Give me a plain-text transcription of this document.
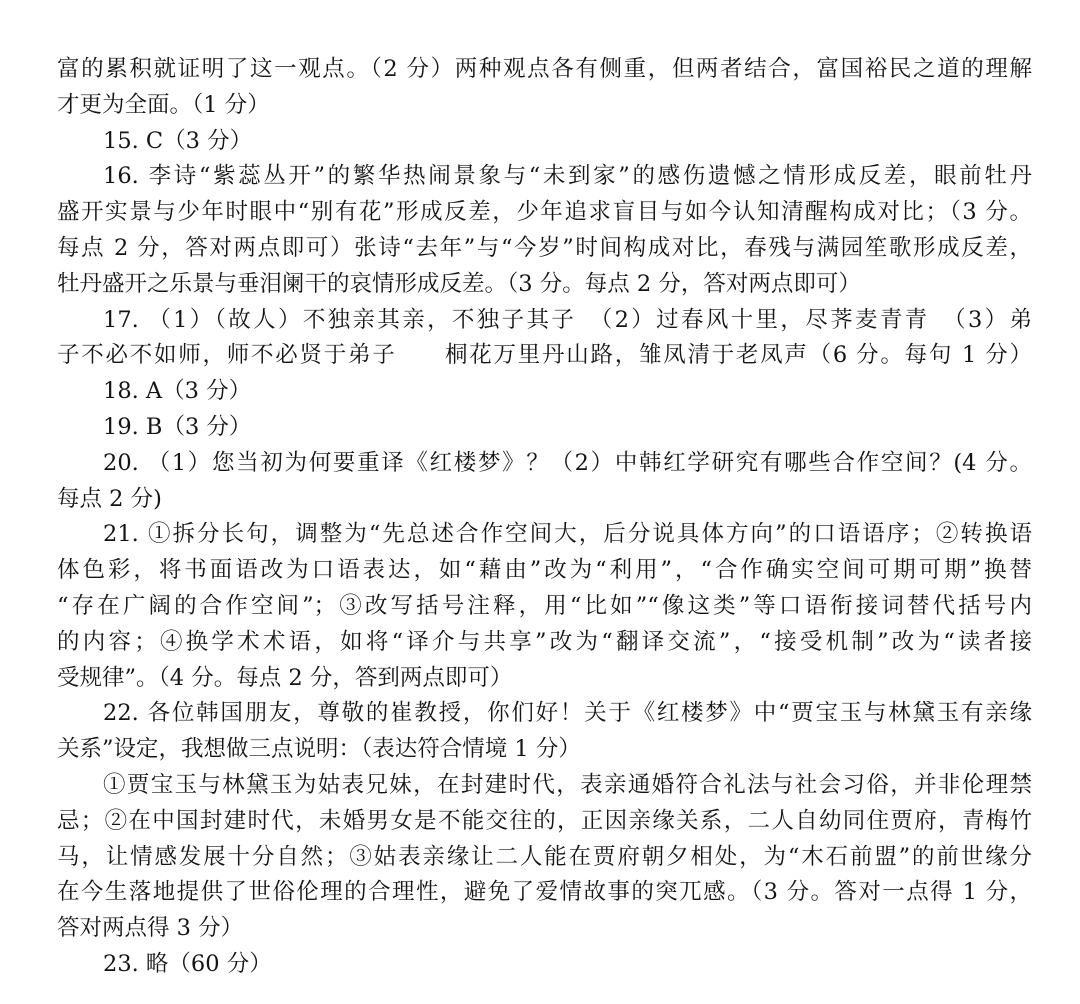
富的累积就证明了这一观点。（2 分）两种观点各有侧重，但两者结合，富国裕民之道的理解
才更为全面。（1 分）
15. C（3 分）
16. 李诗“紫蕊丛开”的繁华热闹景象与“未到家”的感伤遗憾之情形成反差，眼前牡丹
盛开实景与少年时眼中“别有花”形成反差，少年追求盲目与如今认知清醒构成对比；（3 分。
每点 2 分，答对两点即可）张诗“去年”与“今岁”时间构成对比，春残与满园笙歌形成反差，
牡丹盛开之乐景与垂泪阑干的哀情形成反差。（3 分。每点 2 分，答对两点即可）
17. （1）（故人）不独亲其亲，不独子其子　（2）过春风十里，尽荠麦青青　（3）弟
子不必不如师，师不必贤于弟子　　桐花万里丹山路，雏凤清于老凤声（6 分。每句 1 分）
18. A（3 分）
19. B（3 分）
20. （1）您当初为何要重译《红楼梦》？（2）中韩红学研究有哪些合作空间？(4 分。
每点 2 分)
21. ①拆分长句，调整为“先总述合作空间大，后分说具体方向”的口语语序；②转换语
体色彩，将书面语改为口语表达，如“藉由”改为“利用”，“合作确实空间可期可期”换替
“存在广阔的合作空间”；③改写括号注释，用“比如”“像这类”等口语衔接词替代括号内
的内容；④换学术术语，如将“译介与共享”改为“翻译交流”，“接受机制”改为“读者接
受规律”。（4 分。每点 2 分，答到两点即可）
22. 各位韩国朋友，尊敬的崔教授，你们好！关于《红楼梦》中“贾宝玉与林黛玉有亲缘
关系”设定，我想做三点说明：（表达符合情境 1 分）
①贾宝玉与林黛玉为姑表兄妹，在封建时代，表亲通婚符合礼法与社会习俗，并非伦理禁
忌；②在中国封建时代，未婚男女是不能交往的，正因亲缘关系，二人自幼同住贾府，青梅竹
马，让情感发展十分自然；③姑表亲缘让二人能在贾府朝夕相处，为“木石前盟”的前世缘分
在今生落地提供了世俗伦理的合理性，避免了爱情故事的突兀感。（3 分。答对一点得 1 分，
答对两点得 3 分）
23. 略（60 分）
